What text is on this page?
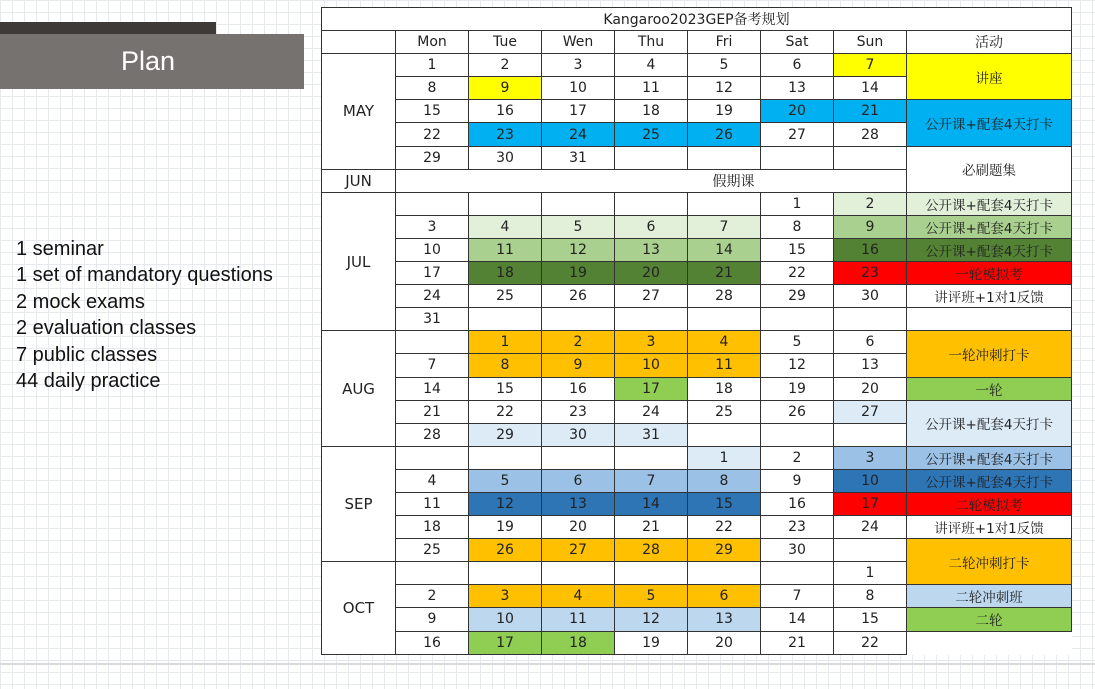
Plan
1 seminar
1 set of mandatory questions
2 mock exams
2 evaluation classes
7 public classes
44 daily practice
Kangaroo2023GEP备考规划									
	Mon	Tue	Wen	Thu	Fri	Sat	Sun	活动	
MAY	1	2	3	4	5	6	7	讲座	
	8	9	10	11	12	13	14		
	15	16	17	18	19	20	21	公开课+配套4天打卡	
	22	23	24	25	26	27	28		
	29	30	31					必刷题集	
JUN	假期课								
JUL						1	2	公开课+配套4天打卡	
	3	4	5	6	7	8	9	公开课+配套4天打卡	
	10	11	12	13	14	15	16	公开课+配套4天打卡	
	17	18	19	20	21	22	23	一轮模拟考	
	24	25	26	27	28	29	30	讲评班+1对1反馈	
	31								
AUG		1	2	3	4	5	6	一轮冲刺打卡	
	7	8	9	10	11	12	13		
	14	15	16	17	18	19	20	一轮	
	21	22	23	24	25	26	27	公开课+配套4天打卡	
	28	29	30	31					
SEP					1	2	3	公开课+配套4天打卡	
	4	5	6	7	8	9	10	公开课+配套4天打卡	
	11	12	13	14	15	16	17	二轮模拟考	
	18	19	20	21	22	23	24	讲评班+1对1反馈	
	25	26	27	28	29	30		二轮冲刺打卡	
OCT							1	
	2	3	4	5	6	7	8	二轮冲刺班	
	9	10	11	12	13	14	15	二轮	
	16	17	18	19	20	21	22		
